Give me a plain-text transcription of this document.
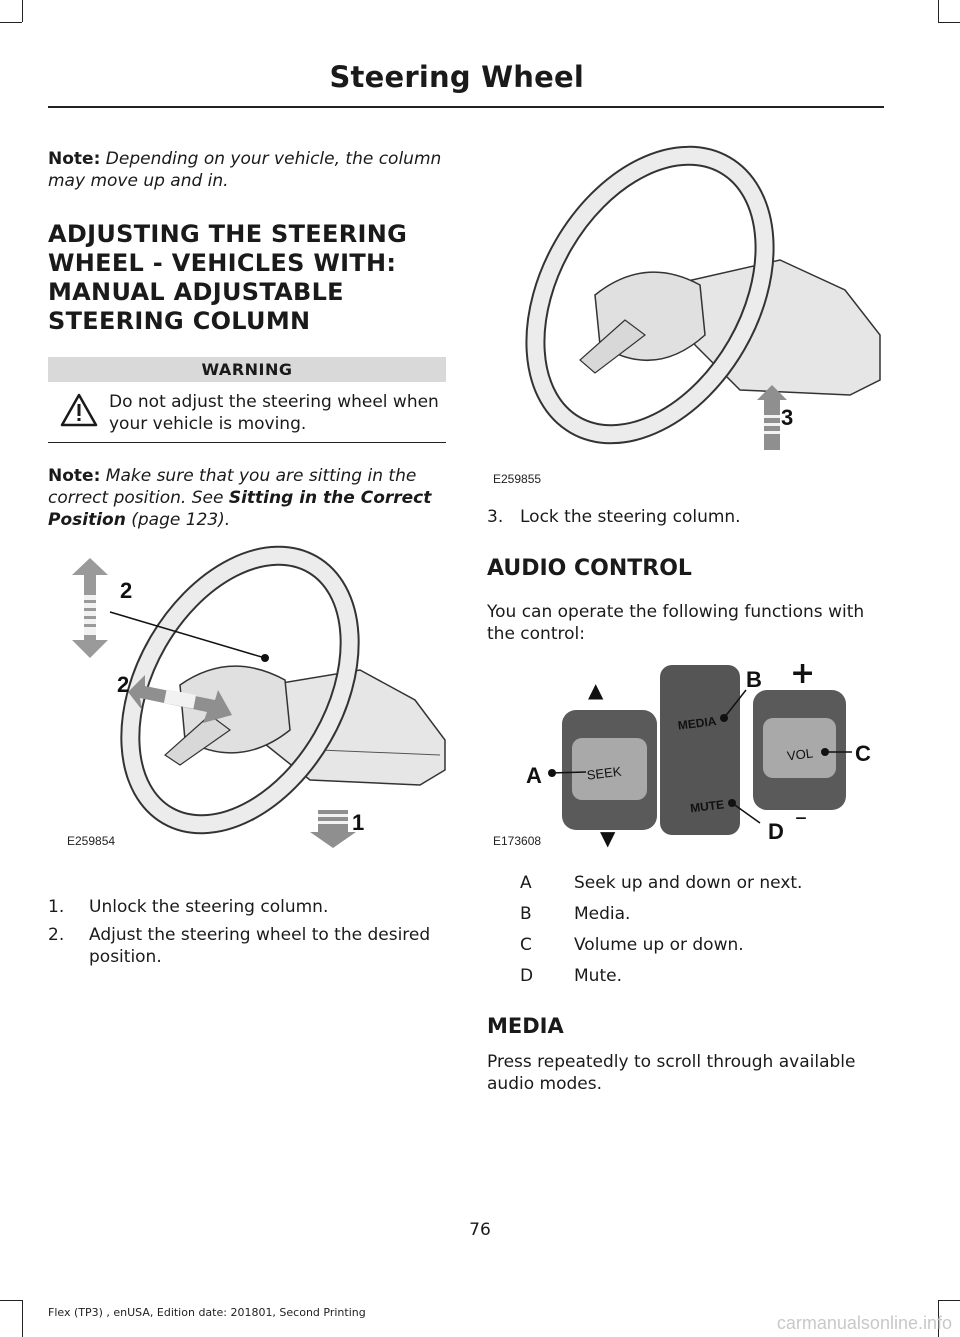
Steering Wheel
Note: Depending on your vehicle, the column may move up and in.
ADJUSTING THE STEERING
WHEEL - VEHICLES WITH:
MANUAL ADJUSTABLE
STEERING COLUMN
WARNING
Do not adjust the steering wheel when your vehicle is moving.
Note: Make sure that you are sitting in the correct position. See Sitting in the Correct Position (page 123).
2
2
1
E259854
1. Unlock the steering column.
2. Adjust the steering wheel to the desired
position.
3
E259855
3. Lock the steering column.
AUDIO CONTROL
You can operate the following functions with the control:
SEEK
MEDIA
MUTE
VOL
▲
▼
+
–
A
B
C
D
E173608
A Seek up and down or next.
B Media.
C Volume up or down.
D Mute.
MEDIA
Press repeatedly to scroll through available audio modes.
76
Flex (TP3) , enUSA, Edition date: 201801, Second Printing
carmanualsonline.info
